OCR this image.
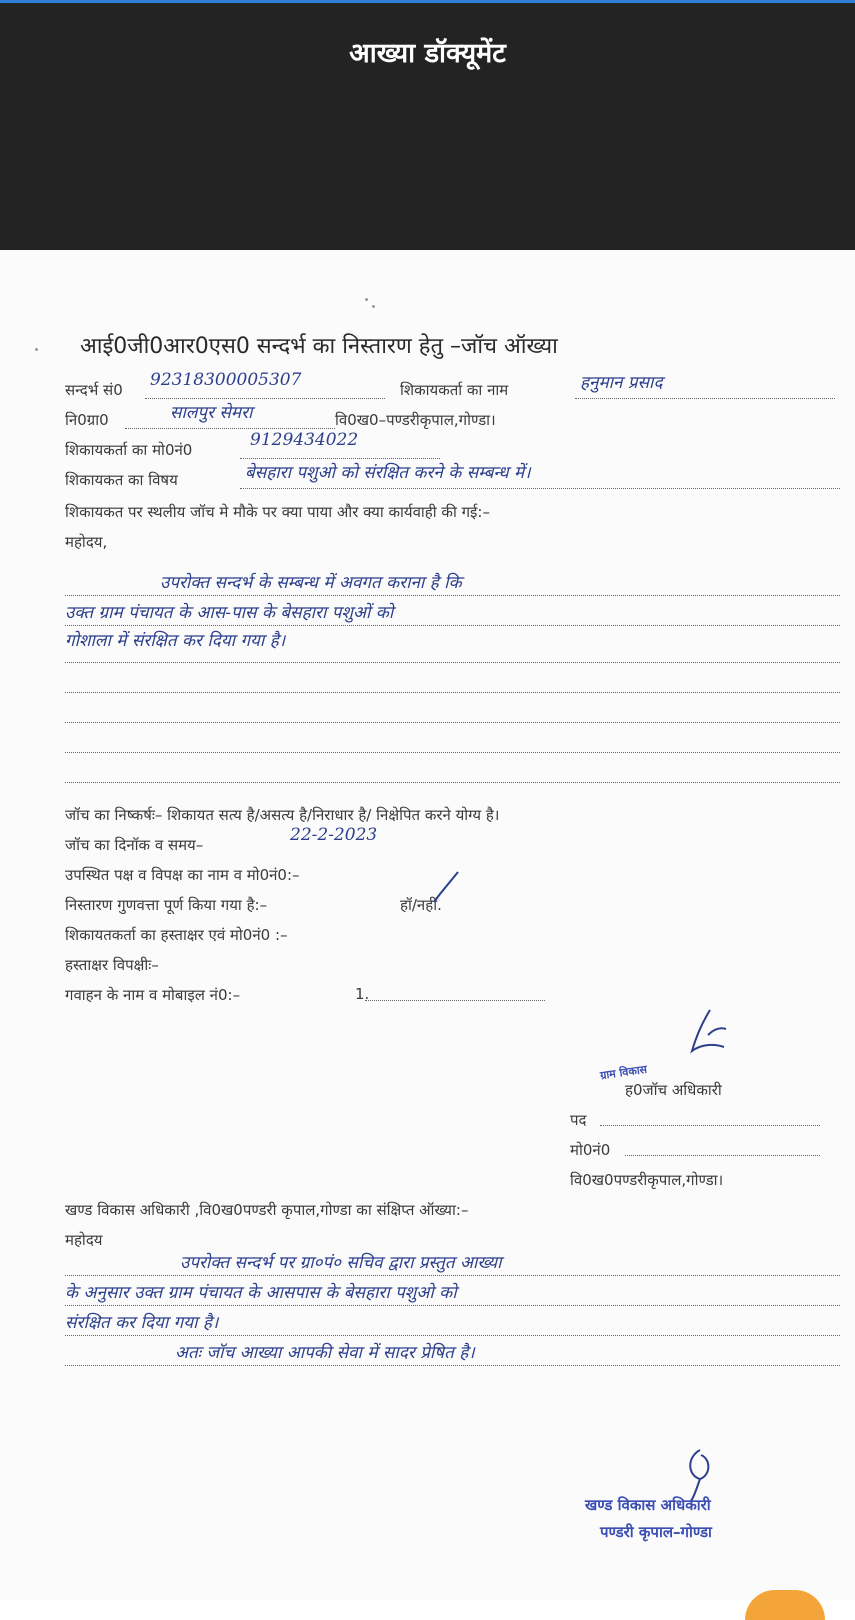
आख्या डॉक्यूमेंट
आई0जी0आर0एस0 सन्दर्भ का निस्तारण हेतु –जॉच ऑख्या
सन्दर्भ सं0 92318300005307	शिकायकर्ता का नाम	हनुमान प्रसाद
नि0ग्रा0	सालपुर सेमरा	वि0ख0–पण्डरीकृपाल,गोण्डा।
शिकायकर्ता का मो0नं0	9129434022
शिकायकत का विषय	बेसहारा पशुओ को संरक्षित करने के सम्बन्ध में।
शिकायकत पर स्थलीय जॉच मे मौके पर क्या पाया और क्या कार्यवाही की गई:–
महोदय,
उपरोक्त सन्दर्भ के सम्बन्ध में अवगत कराना है कि
उक्त ग्राम पंचायत के आस-पास के बेसहारा पशुओं को
गोशाला में संरक्षित कर दिया गया है।
जॉच का निष्कर्षः– शिकायत सत्य है/असत्य है/निराधार है/ निक्षेपित करने योग्य है।
जॉच का दिनॉक व समय–	22-2-2023
उपस्थित पक्ष व विपक्ष का नाम व मो0नं0:–
निस्तारण गुणवत्ता पूर्ण किया गया है:–	हॉ/नहीं.
शिकायतकर्ता का हस्ताक्षर एवं मो0नं0 :–
हस्ताक्षर विपक्षीः–
गवाहन के नाम व मोबाइल नं0:–	1.
ग्राम विकास
ह0जॉच अधिकारी
पद
मो0नं0
वि0ख0पण्डरीकृपाल,गोण्डा।
खण्ड विकास अधिकारी ,वि0ख0पण्डरी कृपाल,गोण्डा का संक्षिप्त ऑख्या:–
महोदय
उपरोक्त सन्दर्भ पर ग्रा०पं० सचिव द्वारा प्रस्तुत आख्या
के अनुसार उक्त ग्राम पंचायत के आसपास के बेसहारा पशुओ को
संरक्षित कर दिया गया है।
अतः जॉच आख्या आपकी सेवा में सादर प्रेषित है।
खण्ड विकास अधिकारी
पण्डरी कृपाल–गोण्डा
